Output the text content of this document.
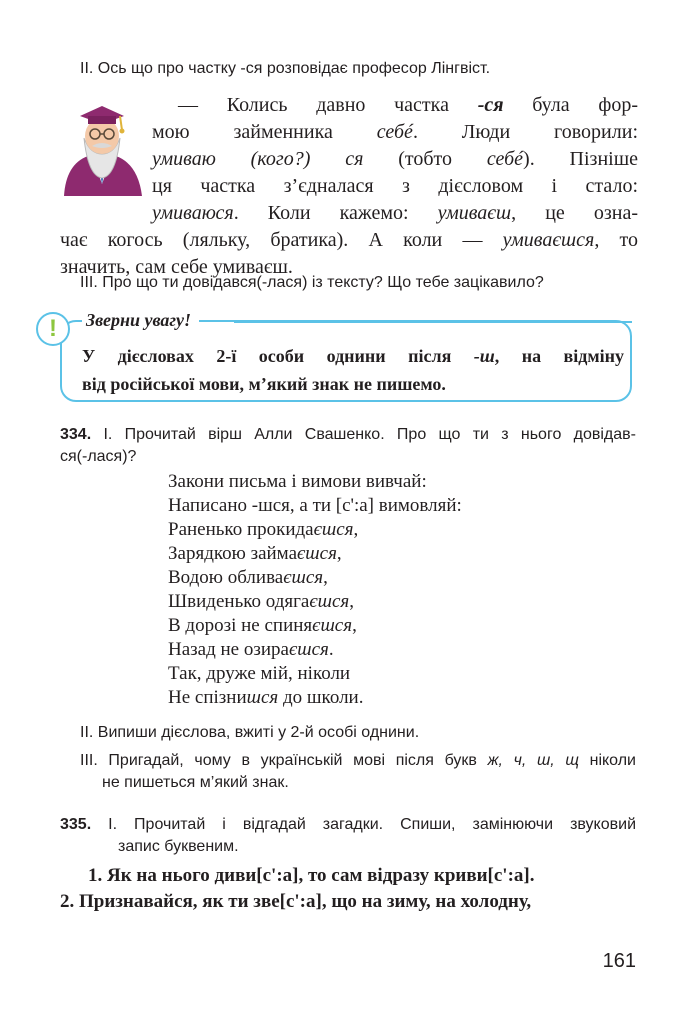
II. Ось що про частку -ся розповідає професор Лінгвіст.
— Колись давно частка -ся була фор-
мою займенника себé. Люди говорили:
умиваю (кого?) ся (тобто себé). Пізніше
ця частка з’єдналася з дієсловом і стало:
умиваюся. Коли кажемо: умиваєш, це озна-
чає когось (ляльку, братика). А коли — умиваєшся, то
значить, сам себе умиваєш.
III. Про що ти довідався(-лася) із тексту? Що тебе зацікавило?
!	Зверни увагу!
У дієсловах 2-ї особи однини після -ш, на відміну
від російської мови, м’який знак не пишемо.
334. I. Прочитай вірш Алли Свашенко. Про що ти з нього довідав-
ся(-лася)?
Закони письма і вимови вивчай:
Написано -шся, а ти [с':а] вимовляй:
Раненько прокидаєшся,
Зарядкою займаєшся,
Водою обливаєшся,
Швиденько одягаєшся,
В дорозі не спиняєшся,
Назад не озираєшся.
Так, друже мій, ніколи
Не спізнишся до школи.
II. Випиши дієслова, вжиті у 2-й особі однини.
III. Пригадай, чому в українській мові після букв ж, ч, ш, щ ніколи
не пишеться м’який знак.
335. I. Прочитай і відгадай загадки. Спиши, замінюючи звуковий
запис буквеним.
1. Як на нього диви[с':а], то сам відразу криви[с':а].
2. Признавайся, як ти зве[с':а], що на зиму, на холодну,
161
